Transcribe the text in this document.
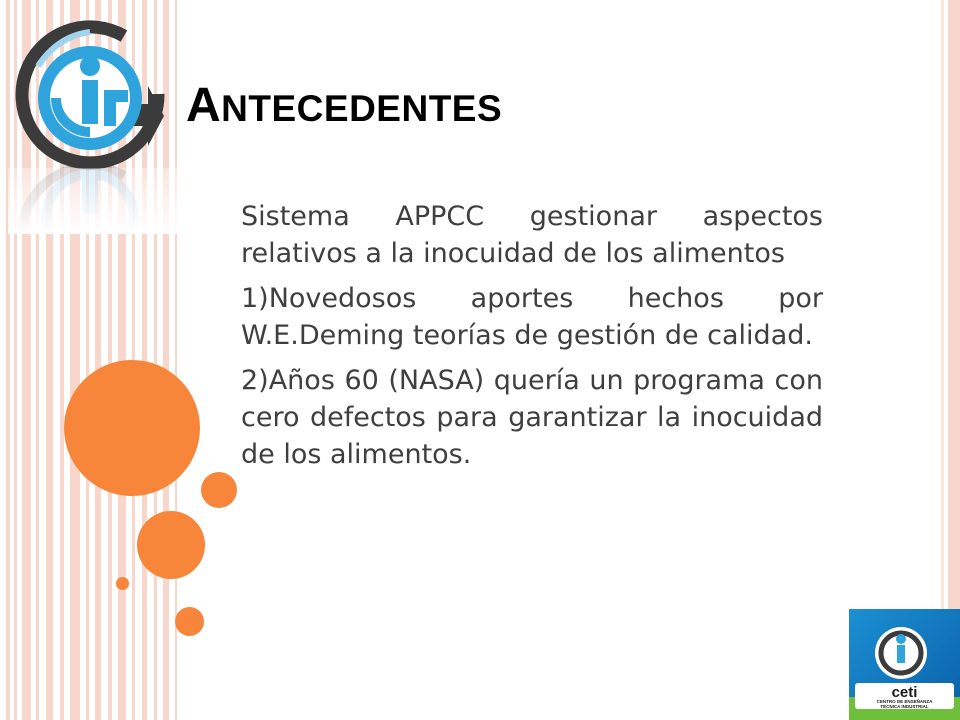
ANTECEDENTES

Sistema APPCC gestionar aspectos relativos a la inocuidad de los alimentos

1)Novedosos aportes hechos por W.E.Deming teorías de gestión de calidad.

2)Años 60 (NASA) quería un programa con cero defectos para garantizar la inocuidad de los alimentos.

ceti
CENTRO DE ENSEÑANZA
TÉCNICA INDUSTRIAL
